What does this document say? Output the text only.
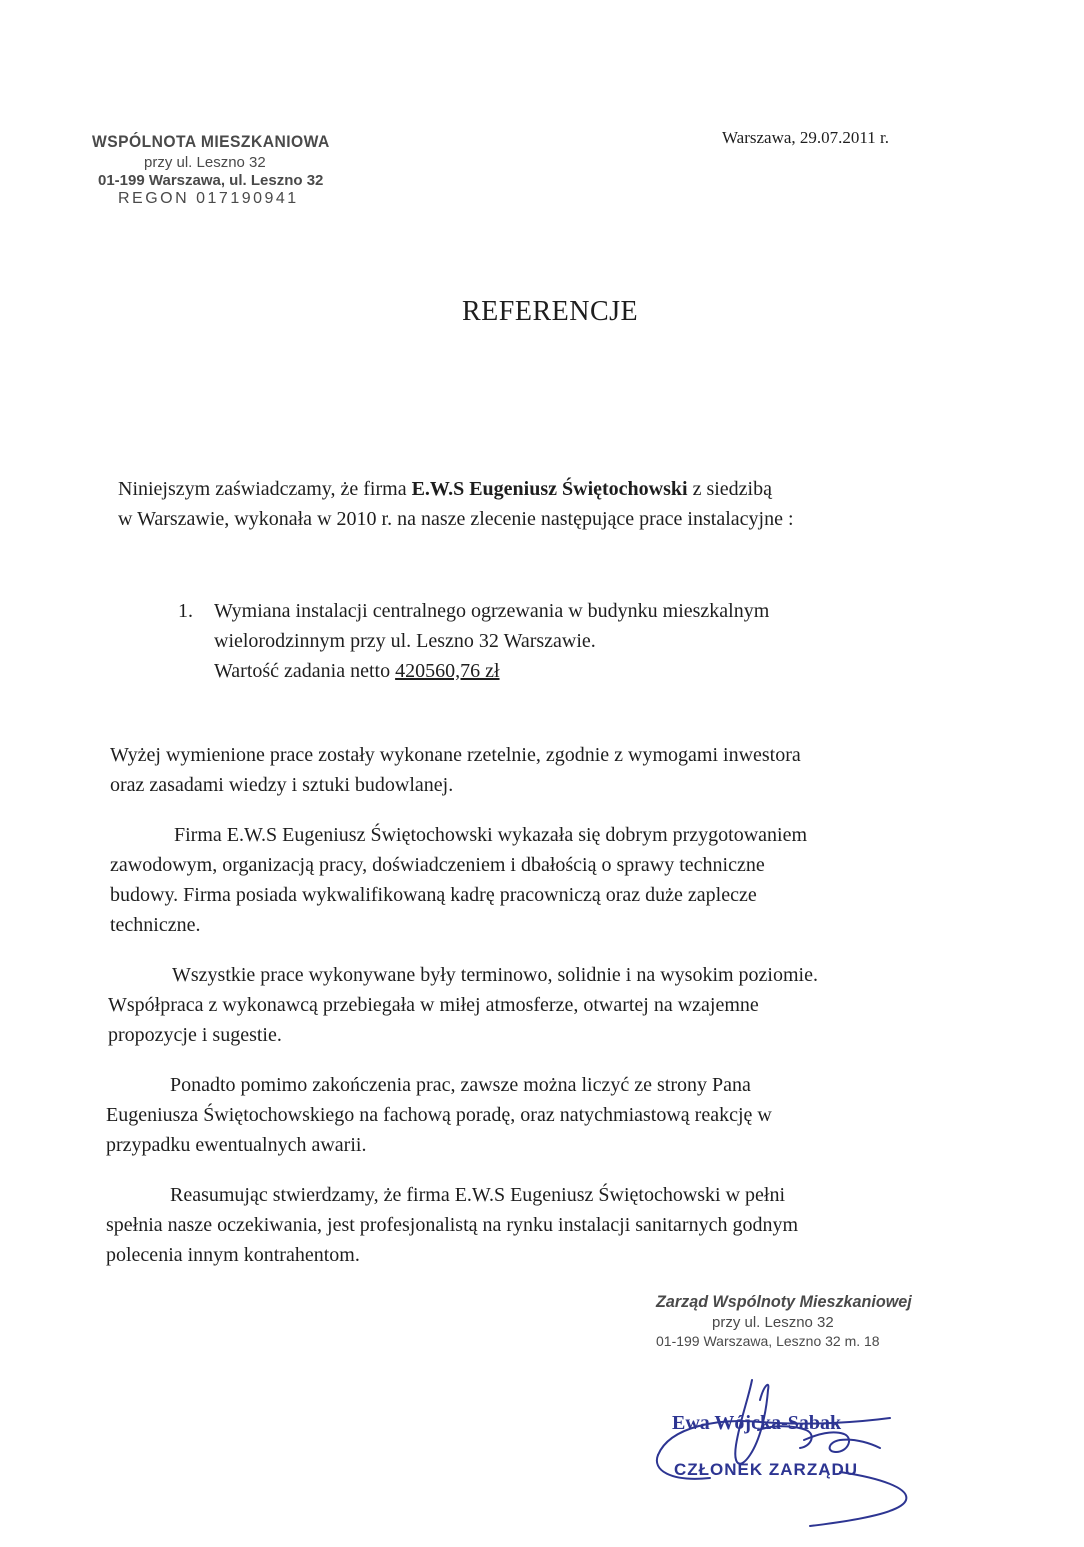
WSPÓLNOTA MIESZKANIOWA
przy ul. Leszno 32
01-199 Warszawa, ul. Leszno 32
REGON 017190941
Warszawa, 29.07.2011 r.
REFERENCJE
Niniejszym zaświadczamy, że firma E.W.S Eugeniusz Świętochowski z siedzibą
w Warszawie, wykonała w 2010 r. na nasze zlecenie następujące prace instalacyjne :
1. Wymiana instalacji centralnego ogrzewania w budynku mieszkalnym
wielorodzinnym przy ul. Leszno 32 Warszawie.
Wartość zadania netto 420560,76 zł
Wyżej wymienione prace zostały wykonane rzetelnie, zgodnie z wymogami inwestora
oraz zasadami wiedzy i sztuki budowlanej.
Firma E.W.S Eugeniusz Świętochowski wykazała się dobrym przygotowaniem
zawodowym, organizacją pracy, doświadczeniem i dbałością o sprawy techniczne
budowy. Firma posiada wykwalifikowaną kadrę pracowniczą oraz duże zaplecze
techniczne.
Wszystkie prace wykonywane były terminowo, solidnie i na wysokim poziomie.
Współpraca z wykonawcą przebiegała w miłej atmosferze, otwartej na wzajemne
propozycje i sugestie.
Ponadto pomimo zakończenia prac, zawsze można liczyć ze strony Pana
Eugeniusza Świętochowskiego na fachową poradę, oraz natychmiastową reakcję w
przypadku ewentualnych awarii.
Reasumując stwierdzamy, że firma E.W.S Eugeniusz Świętochowski w pełni
spełnia nasze oczekiwania, jest profesjonalistą na rynku instalacji sanitarnych godnym
polecenia innym kontrahentom.
Zarząd Wspólnoty Mieszkaniowej
przy ul. Leszno 32
01-199 Warszawa, Leszno 32 m. 18
Ewa Wójcka-Sabak
CZŁONEK ZARZĄDU
